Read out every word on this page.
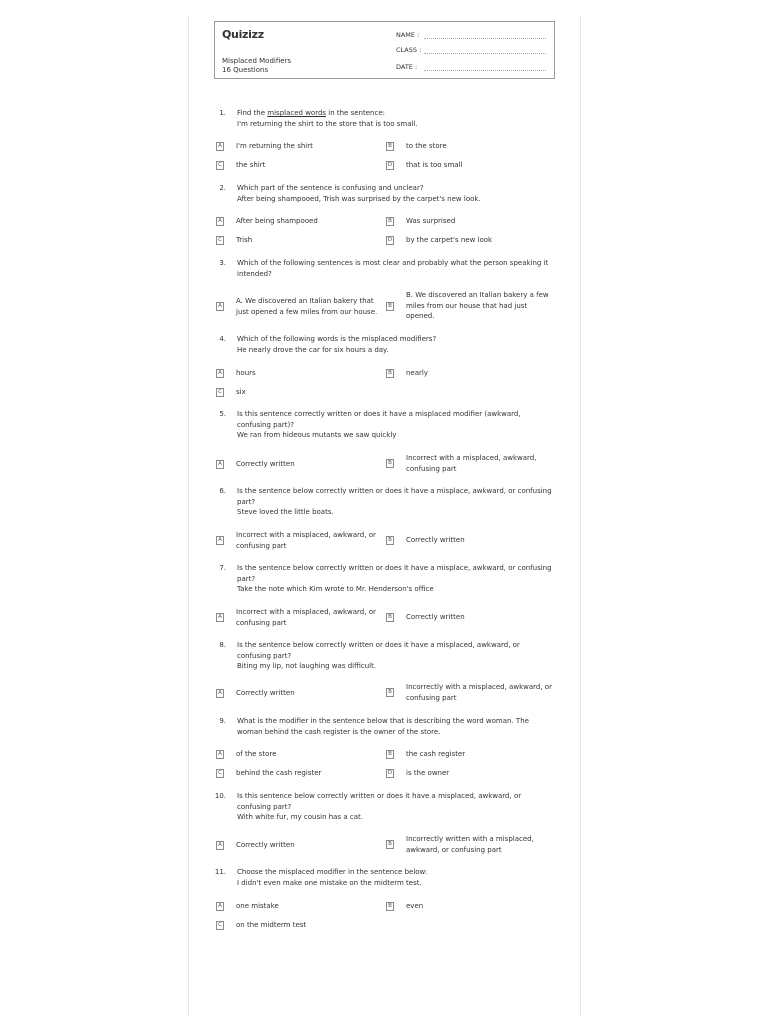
Quizizz
Misplaced Modifiers
16 Questions
NAME :
CLASS :
DATE :
1. Find the misplaced words in the sentence:
I'm returning the shirt to the store that is too small.
A	I'm returning the shirt	B	to the store
C the shirt	D that is too small
2. Which part of the sentence is confusing and unclear?
After being shampooed, Trish was surprised by the carpet's new look.
A	After being shampooed	B	Was surprised
C Trish	D by the carpet's new look
3. Which of the following sentences is most clear and probably what the person speaking it
intended?
A
A. We discovered an Italian bakery that
just opened a few miles from our house.
B
B. We discovered an Italian bakery a few
miles from our house that had just
opened.
4. Which of the following words is the misplaced modifiers?
He nearly drove the car for six hours a day.
A	hours	B	nearly
C six
5. Is this sentence correctly written or does it have a misplaced modifier (awkward,
confusing part)?
We ran from hideous mutants we saw quickly
A	Correctly written	B
Incorrect with a misplaced, awkward,
confusing part
6. Is the sentence below correctly written or does it have a misplace, awkward, or confusing
part?
Steve loved the little boats.
A
Incorrect with a misplaced, awkward, or
confusing part
B	Correctly written
7. Is the sentence below correctly written or does it have a misplace, awkward, or confusing
part?
Take the note which Kim wrote to Mr. Henderson's office
A
Incorrect with a misplaced, awkward, or
confusing part
B	Correctly written
8. Is the sentence below correctly written or does it have a misplaced, awkward, or
confusing part?
Biting my lip, not laughing was difficult.
A	Correctly written	B
Incorrectly with a misplaced, awkward, or
confusing part
9. What is the modifier in the sentence below that is describing the word woman. The
woman behind the cash register is the owner of the store.
A	of the store	B	the cash register
C behind the cash register	D is the owner
10. Is this sentence below correctly written or does it have a misplaced, awkward, or
confusing part?
With white fur, my cousin has a cat.
A	Correctly written	B
Incorrectly written with a misplaced,
awkward, or confusing part
11. Choose the misplaced modifier in the sentence below:
I didn't even make one mistake on the midterm test.
A	one mistake	B	even
C on the midterm test
